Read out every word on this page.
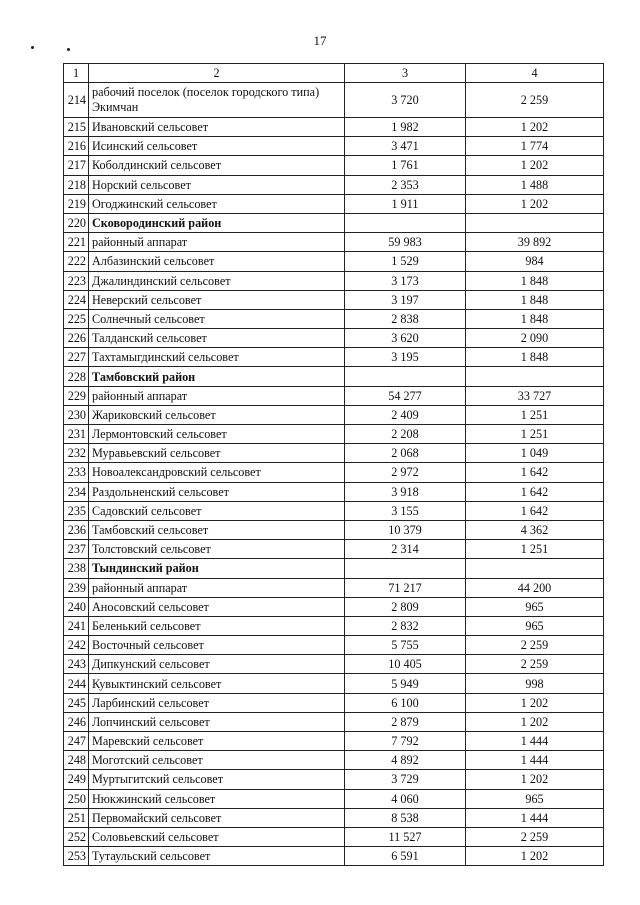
17
1	2	3	4
214	рабочий поселок (поселок городского типа) Экимчан	3 720	2 259
215	Ивановский сельсовет	1 982	1 202
216	Исинский сельсовет	3 471	1 774
217	Коболдинский сельсовет	1 761	1 202
218	Норский сельсовет	2 353	1 488
219	Огоджинский сельсовет	1 911	1 202
220	Сковородинский район		
221	районный аппарат	59 983	39 892
222	Албазинский сельсовет	1 529	984
223	Джалиндинский сельсовет	3 173	1 848
224	Неверский сельсовет	3 197	1 848
225	Солнечный сельсовет	2 838	1 848
226	Талданский сельсовет	3 620	2 090
227	Тахтамыгдинский сельсовет	3 195	1 848
228	Тамбовский район		
229	районный аппарат	54 277	33 727
230	Жариковский сельсовет	2 409	1 251
231	Лермонтовский сельсовет	2 208	1 251
232	Муравьевский сельсовет	2 068	1 049
233	Новоалександровский сельсовет	2 972	1 642
234	Раздольненский сельсовет	3 918	1 642
235	Садовский сельсовет	3 155	1 642
236	Тамбовский сельсовет	10 379	4 362
237	Толстовский сельсовет	2 314	1 251
238	Тындинский район		
239	районный аппарат	71 217	44 200
240	Аносовский сельсовет	2 809	965
241	Беленький сельсовет	2 832	965
242	Восточный сельсовет	5 755	2 259
243	Дипкунский сельсовет	10 405	2 259
244	Кувыктинский сельсовет	5 949	998
245	Ларбинский сельсовет	6 100	1 202
246	Лопчинский сельсовет	2 879	1 202
247	Маревский сельсовет	7 792	1 444
248	Моготский сельсовет	4 892	1 444
249	Муртыгитский сельсовет	3 729	1 202
250	Нюкжинский сельсовет	4 060	965
251	Первомайский сельсовет	8 538	1 444
252	Соловьевский сельсовет	11 527	2 259
253	Тутаульский сельсовет	6 591	1 202
